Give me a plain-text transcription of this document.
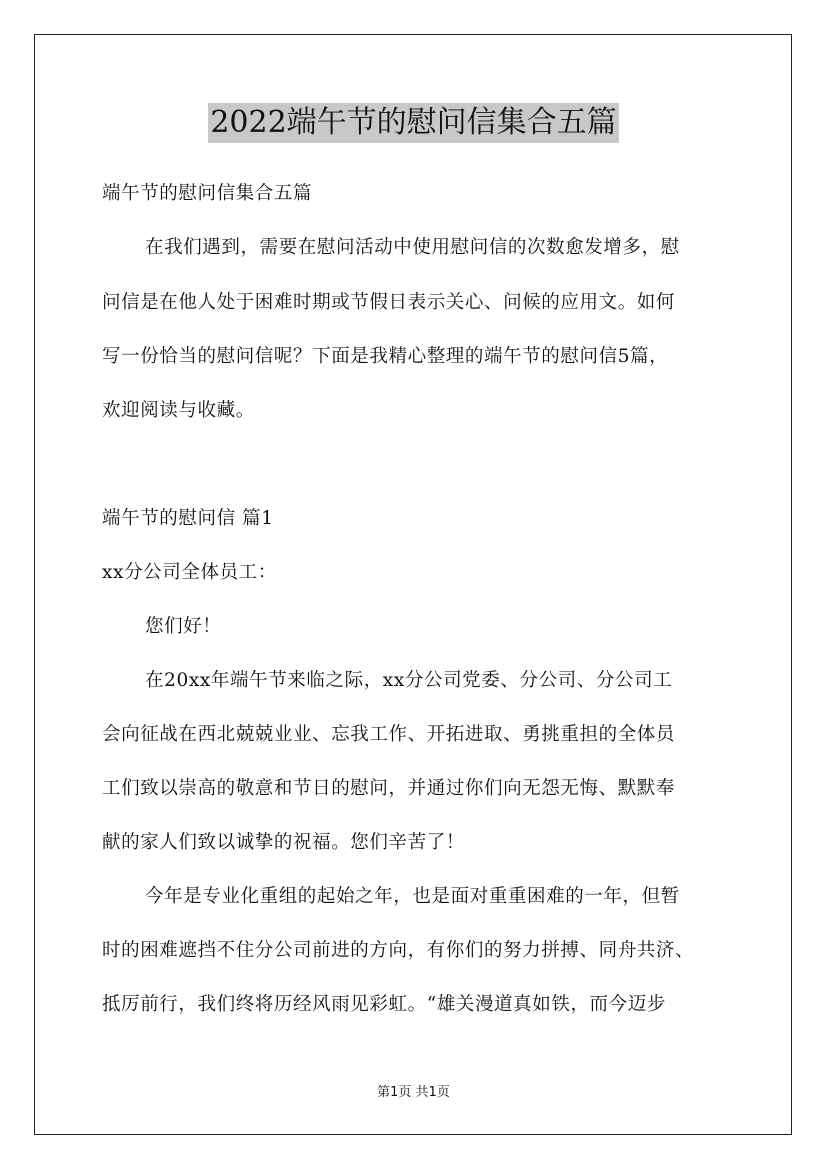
2022端午节的慰问信集合五篇
端午节的慰问信集合五篇
在我们遇到，需要在慰问活动中使用慰问信的次数愈发增多，慰
问信是在他人处于困难时期或节假日表示关心、问候的应用文。如何
写一份恰当的慰问信呢？下面是我精心整理的端午节的慰问信5篇，
欢迎阅读与收藏。
端午节的慰问信 篇1
xx分公司全体员工：
您们好！
在20xx年端午节来临之际，xx分公司党委、分公司、分公司工
会向征战在西北兢兢业业、忘我工作、开拓进取、勇挑重担的全体员
工们致以崇高的敬意和节日的慰问，并通过你们向无怨无悔、默默奉
献的家人们致以诚挚的祝福。您们辛苦了！
今年是专业化重组的起始之年，也是面对重重困难的一年，但暂
时的困难遮挡不住分公司前进的方向，有你们的努力拼搏、同舟共济、
抵厉前行，我们终将历经风雨见彩虹。“雄关漫道真如铁，而今迈步
第1页 共1页
